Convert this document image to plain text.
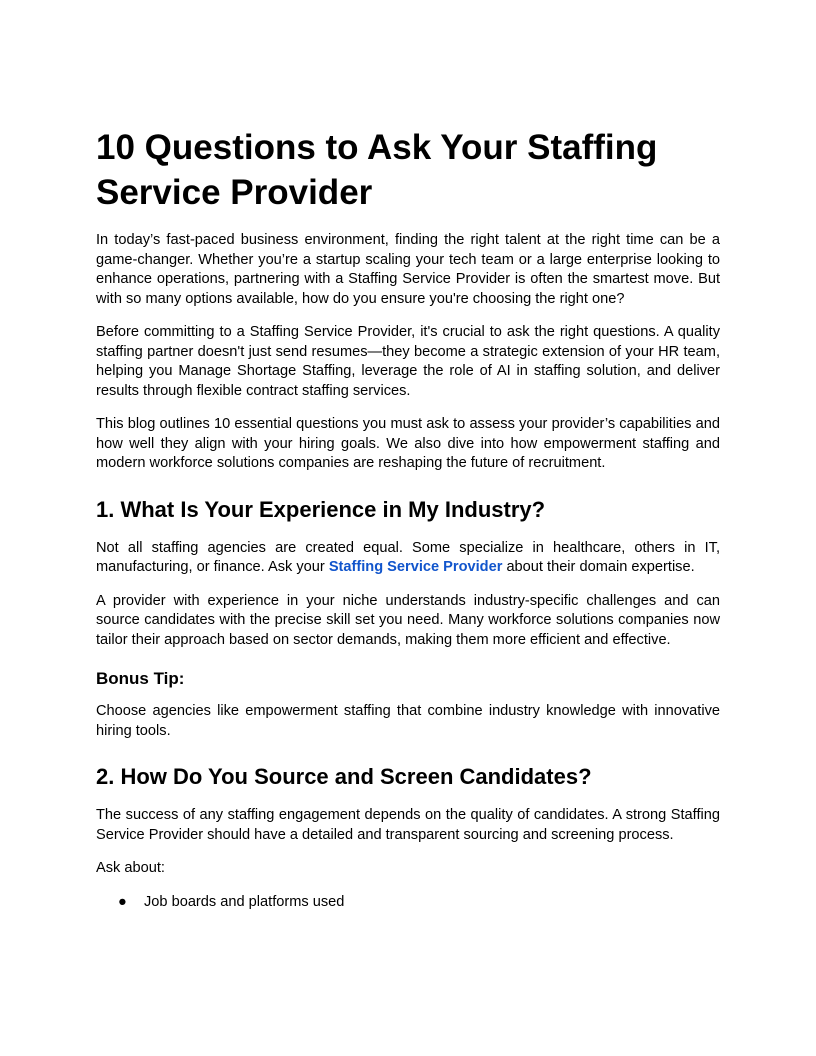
10 Questions to Ask Your Staffing Service Provider

In today’s fast-paced business environment, finding the right talent at the right time can be a game-changer. Whether you’re a startup scaling your tech team or a large enterprise looking to enhance operations, partnering with a Staffing Service Provider is often the smartest move. But with so many options available, how do you ensure you're choosing the right one?

Before committing to a Staffing Service Provider, it's crucial to ask the right questions. A quality staffing partner doesn't just send resumes—they become a strategic extension of your HR team, helping you Manage Shortage Staffing, leverage the role of AI in staffing solution, and deliver results through flexible contract staffing services.

This blog outlines 10 essential questions you must ask to assess your provider’s capabilities and how well they align with your hiring goals. We also dive into how empowerment staffing and modern workforce solutions companies are reshaping the future of recruitment.

1. What Is Your Experience in My Industry?

Not all staffing agencies are created equal. Some specialize in healthcare, others in IT, manufacturing, or finance. Ask your Staffing Service Provider about their domain expertise.

A provider with experience in your niche understands industry-specific challenges and can source candidates with the precise skill set you need. Many workforce solutions companies now tailor their approach based on sector demands, making them more efficient and effective.

Bonus Tip:

Choose agencies like empowerment staffing that combine industry knowledge with innovative hiring tools.

2. How Do You Source and Screen Candidates?

The success of any staffing engagement depends on the quality of candidates. A strong Staffing Service Provider should have a detailed and transparent sourcing and screening process.

Ask about:

● Job boards and platforms used
